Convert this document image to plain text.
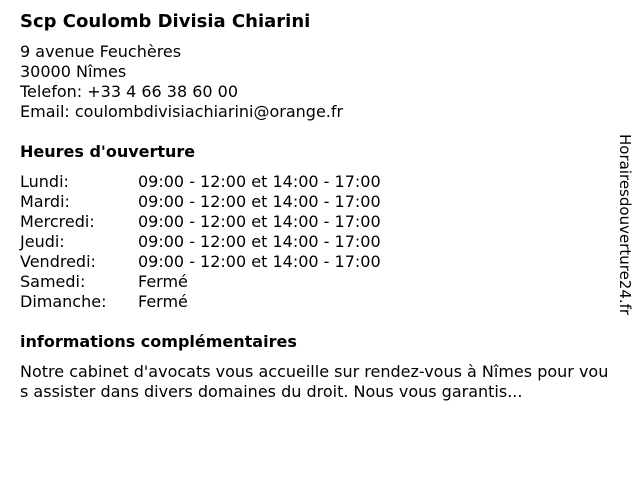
Scp Coulomb Divisia Chiarini
9 avenue Feuchères
30000 Nîmes
Telefon: +33 4 66 38 60 00
Email: coulombdivisiachiarini@orange.fr
Heures d'ouverture
Lundi:	09:00 - 12:00 et 14:00 - 17:00
Mardi:	09:00 - 12:00 et 14:00 - 17:00
Mercredi:	09:00 - 12:00 et 14:00 - 17:00
Jeudi:	09:00 - 12:00 et 14:00 - 17:00
Vendredi:	09:00 - 12:00 et 14:00 - 17:00
Samedi:	Fermé
Dimanche:	Fermé
informations complémentaires
Notre cabinet d'avocats vous accueille sur rendez-vous à Nîmes pour vous assister dans divers domaines du droit. Nous vous garantis...
Horairesdouverture24.fr
